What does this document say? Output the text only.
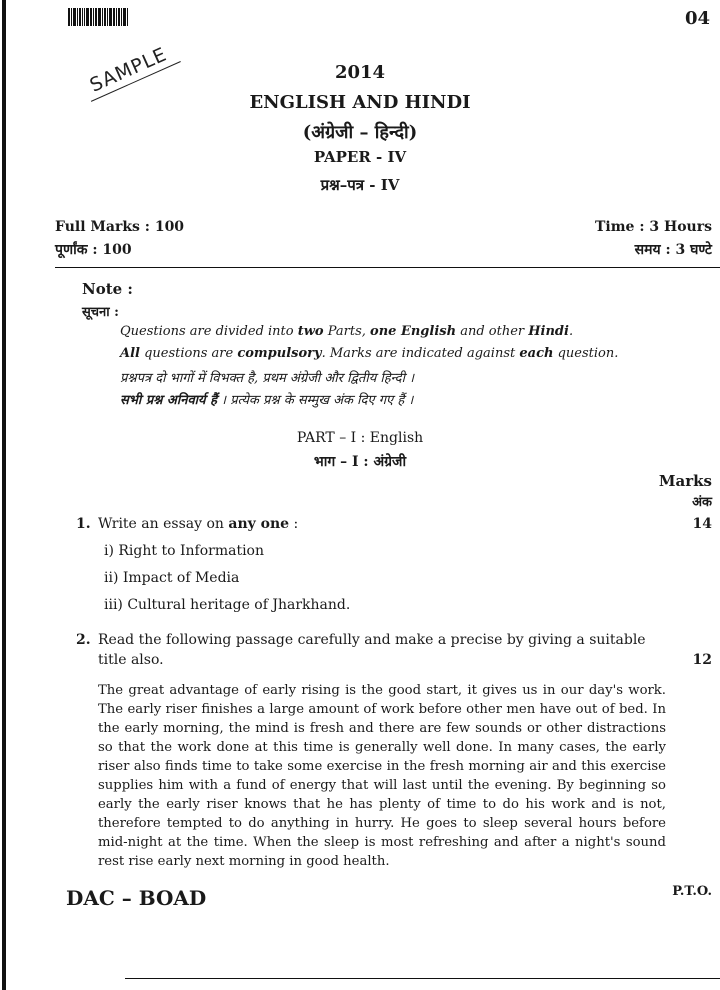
04
SAMPLE	2014
ENGLISH AND HINDI
(अंग्रेजी – हिन्दी)
PAPER - IV
प्रश्न–पत्र - IV
Full Marks : 100
पूर्णांक : 100
Time : 3 Hours
समय : 3 घण्टे
Note :
सूचना :
Questions are divided into two Parts, one English and other Hindi.
All questions are compulsory. Marks are indicated against each question.
प्रश्नपत्र दो भागों में विभक्त है, प्रथम अंग्रेजी और द्वितीय हिन्दी ।
सभी प्रश्न अनिवार्य हैं । प्रत्येक प्रश्न के सम्मुख अंक दिए गए हैं ।
PART – I : English
भाग – I : अंग्रेजी
Marks
अंक
1. Write an essay on any one :	14
i) Right to Information
ii) Impact of Media
iii) Cultural heritage of Jharkhand.
2. Read the following passage carefully and make a precise by giving a suitable
title also.	12
The great advantage of early rising is the good start, it gives us in our day's work. The early riser finishes a large amount of work before other men have out of bed. In the early morning, the mind is fresh and there are few sounds or other distractions so that the work done at this time is generally well done. In many cases, the early riser also finds time to take some exercise in the fresh morning air and this exercise supplies him with a fund of energy that will last until the evening. By beginning so early the early riser knows that he has plenty of time to do his work and is not, therefore tempted to do anything in hurry. He goes to sleep several hours before mid-night at the time. When the sleep is most refreshing and after a night's sound rest rise early next morning in good health.
DAC – BOAD	P.T.O.
